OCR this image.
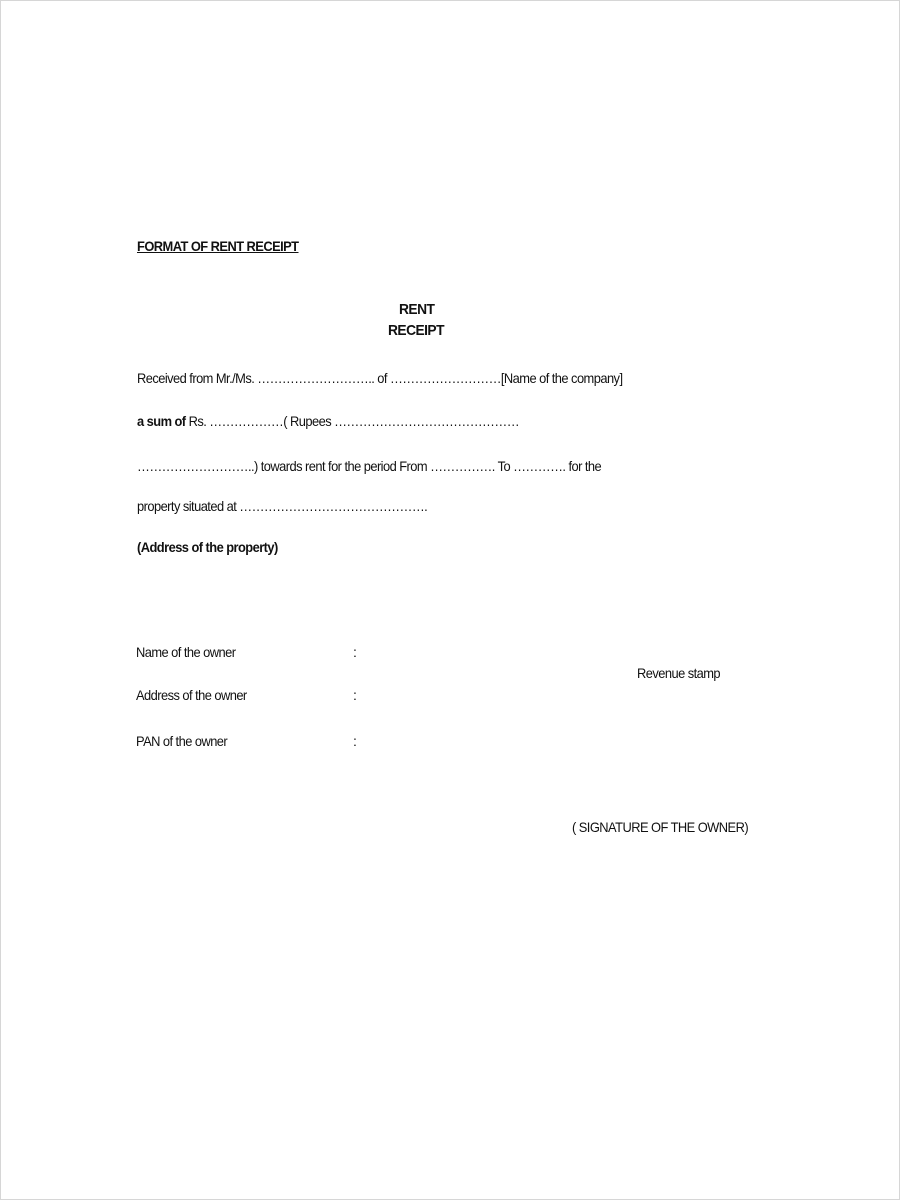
FORMAT OF RENT RECEIPT
RENT
RECEIPT
Received from Mr./Ms. ……………………….. of ………………………[Name of the company]
a sum of Rs. ………………( Rupees ………………………………………
………………………..) towards rent for the period From ……………. To …………. for the
property situated at ……………………………………….
(Address of the property)
Name of the owner	:
Address of the owner	:
PAN of the owner	:
Revenue stamp
( SIGNATURE OF THE OWNER)
